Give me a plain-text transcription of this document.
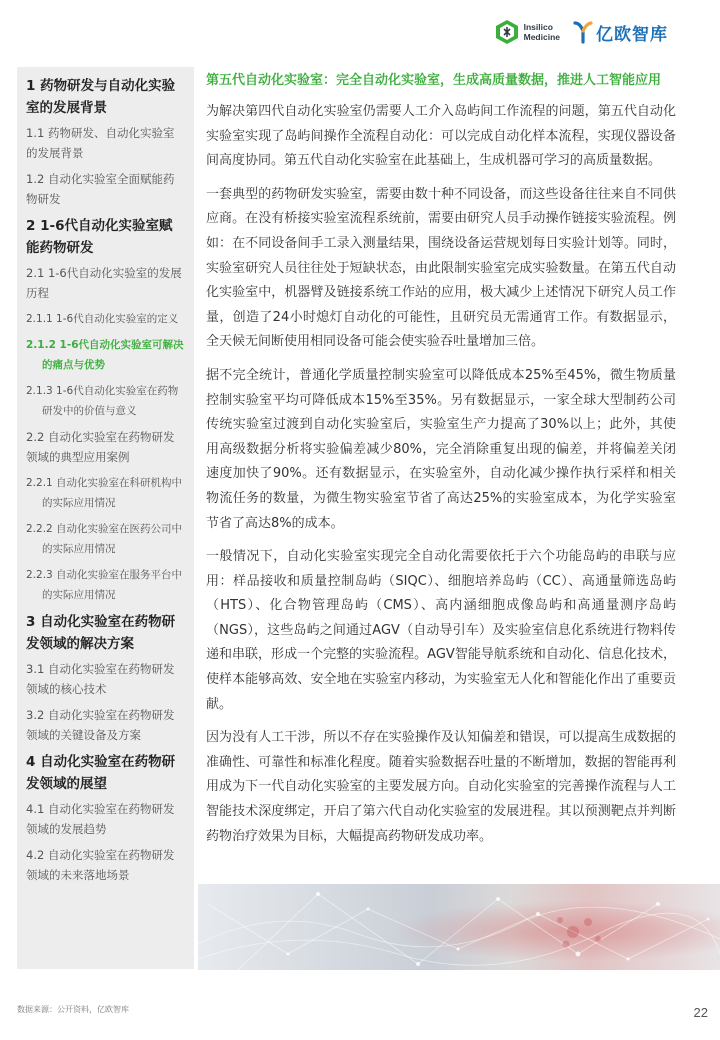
Insilico
Medicine 亿欧智库
1 药物研发与自动化实验室的发展背景
1.1 药物研发、自动化实验室的发展背景
1.2 自动化实验室全面赋能药物研发
2 1-6代自动化实验室赋能药物研发
2.1 1-6代自动化实验室的发展历程
2.1.1 1-6代自动化实验室的定义
2.1.2 1-6代自动化实验室可解决的痛点与优势
2.1.3 1-6代自动化实验室在药物研发中的价值与意义
2.2 自动化实验室在药物研发领域的典型应用案例
2.2.1 自动化实验室在科研机构中的实际应用情况
2.2.2 自动化实验室在医药公司中的实际应用情况
2.2.3 自动化实验室在服务平台中的实际应用情况
3 自动化实验室在药物研发领域的解决方案
3.1 自动化实验室在药物研发领域的核心技术
3.2 自动化实验室在药物研发领域的关键设备及方案
4 自动化实验室在药物研发领域的展望
4.1 自动化实验室在药物研发领域的发展趋势
4.2 自动化实验室在药物研发领域的未来落地场景
第五代自动化实验室：完全自动化实验室，生成高质量数据，推进人工智能应用

为解决第四代自动化实验室仍需要人工介入岛屿间工作流程的问题，第五代自动化实验室实现了岛屿间操作全流程自动化：可以完成自动化样本流程，实现仪器设备间高度协同。第五代自动化实验室在此基础上，生成机器可学习的高质量数据。

一套典型的药物研发实验室，需要由数十种不同设备，而这些设备往往来自不同供应商。在没有桥接实验室流程系统前，需要由研究人员手动操作链接实验流程。例如：在不同设备间手工录入测量结果，围绕设备运营规划每日实验计划等。同时，实验室研究人员往往处于短缺状态，由此限制实验室完成实验数量。在第五代自动化实验室中，机器臂及链接系统工作站的应用，极大减少上述情况下研究人员工作量，创造了24小时熄灯自动化的可能性，且研究员无需通宵工作。有数据显示，全天候无间断使用相同设备可能会使实验吞吐量增加三倍。

据不完全统计，普通化学质量控制实验室可以降低成本25%至45%，微生物质量控制实验室平均可降低成本15%至35%。另有数据显示，一家全球大型制药公司传统实验室过渡到自动化实验室后，实验室生产力提高了30%以上；此外，其使用高级数据分析将实验偏差减少80%，完全消除重复出现的偏差，并将偏差关闭速度加快了90%。还有数据显示，在实验室外，自动化减少操作执行采样和相关物流任务的数量，为微生物实验室节省了高达25%的实验室成本，为化学实验室节省了高达8%的成本。

一般情况下，自动化实验室实现完全自动化需要依托于六个功能岛屿的串联与应用：样品接收和质量控制岛屿（SIQC）、细胞培养岛屿（CC）、高通量筛选岛屿（HTS）、化合物管理岛屿（CMS）、高内涵细胞成像岛屿和高通量测序岛屿（NGS），这些岛屿之间通过AGV（自动导引车）及实验室信息化系统进行物料传递和串联，形成一个完整的实验流程。AGV智能导航系统和自动化、信息化技术，使样本能够高效、安全地在实验室内移动，为实验室无人化和智能化作出了重要贡献。

因为没有人工干涉，所以不存在实验操作及认知偏差和错误，可以提高生成数据的准确性、可靠性和标准化程度。随着实验数据吞吐量的不断增加，数据的智能再利用成为下一代自动化实验室的主要发展方向。自动化实验室的完善操作流程与人工智能技术深度绑定，开启了第六代自动化实验室的发展进程。其以预测靶点并判断药物治疗效果为目标，大幅提高药物研发成功率。

数据来源：公开资料，亿欧智库	22
